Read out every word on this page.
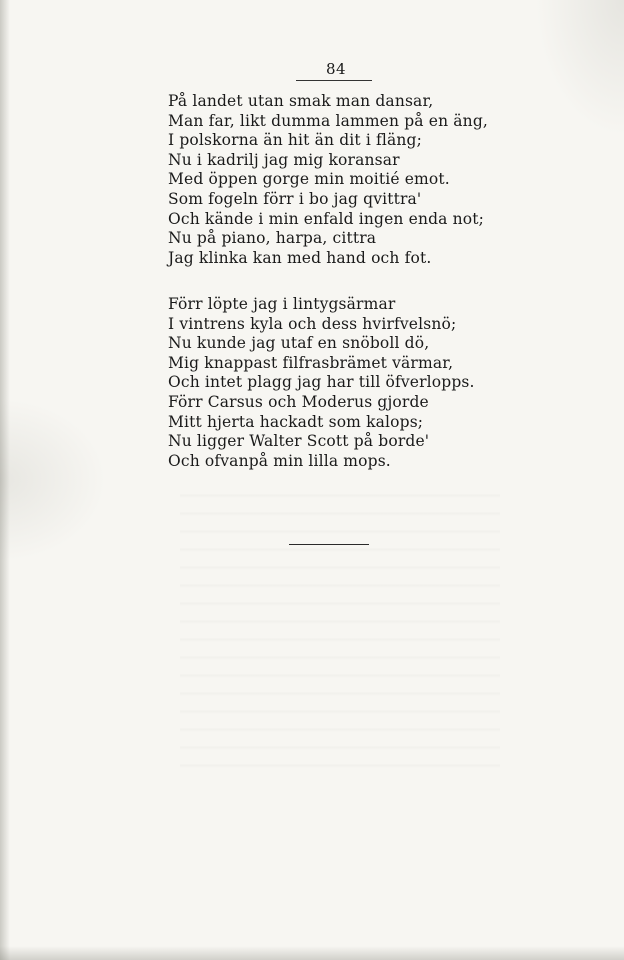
84
På landet utan smak man dansar,
Man far, likt dumma lammen på en äng,
I polskorna än hit än dit i fläng;
Nu i kadrilj jag mig koransar
Med öppen gorge min moitié emot.
Som fogeln förr i bo jag qvittra'
Och kände i min enfald ingen enda not;
Nu på piano, harpa, cittra
Jag klinka kan med hand och fot.
Förr löpte jag i lintygsärmar
I vintrens kyla och dess hvirfvelsnö;
Nu kunde jag utaf en snöboll dö,
Mig knappast filfrasbrämet värmar,
Och intet plagg jag har till öfverlopps.
Förr Carsus och Moderus gjorde
Mitt hjerta hackadt som kalops;
Nu ligger Walter Scott på borde'
Och ofvanpå min lilla mops.
